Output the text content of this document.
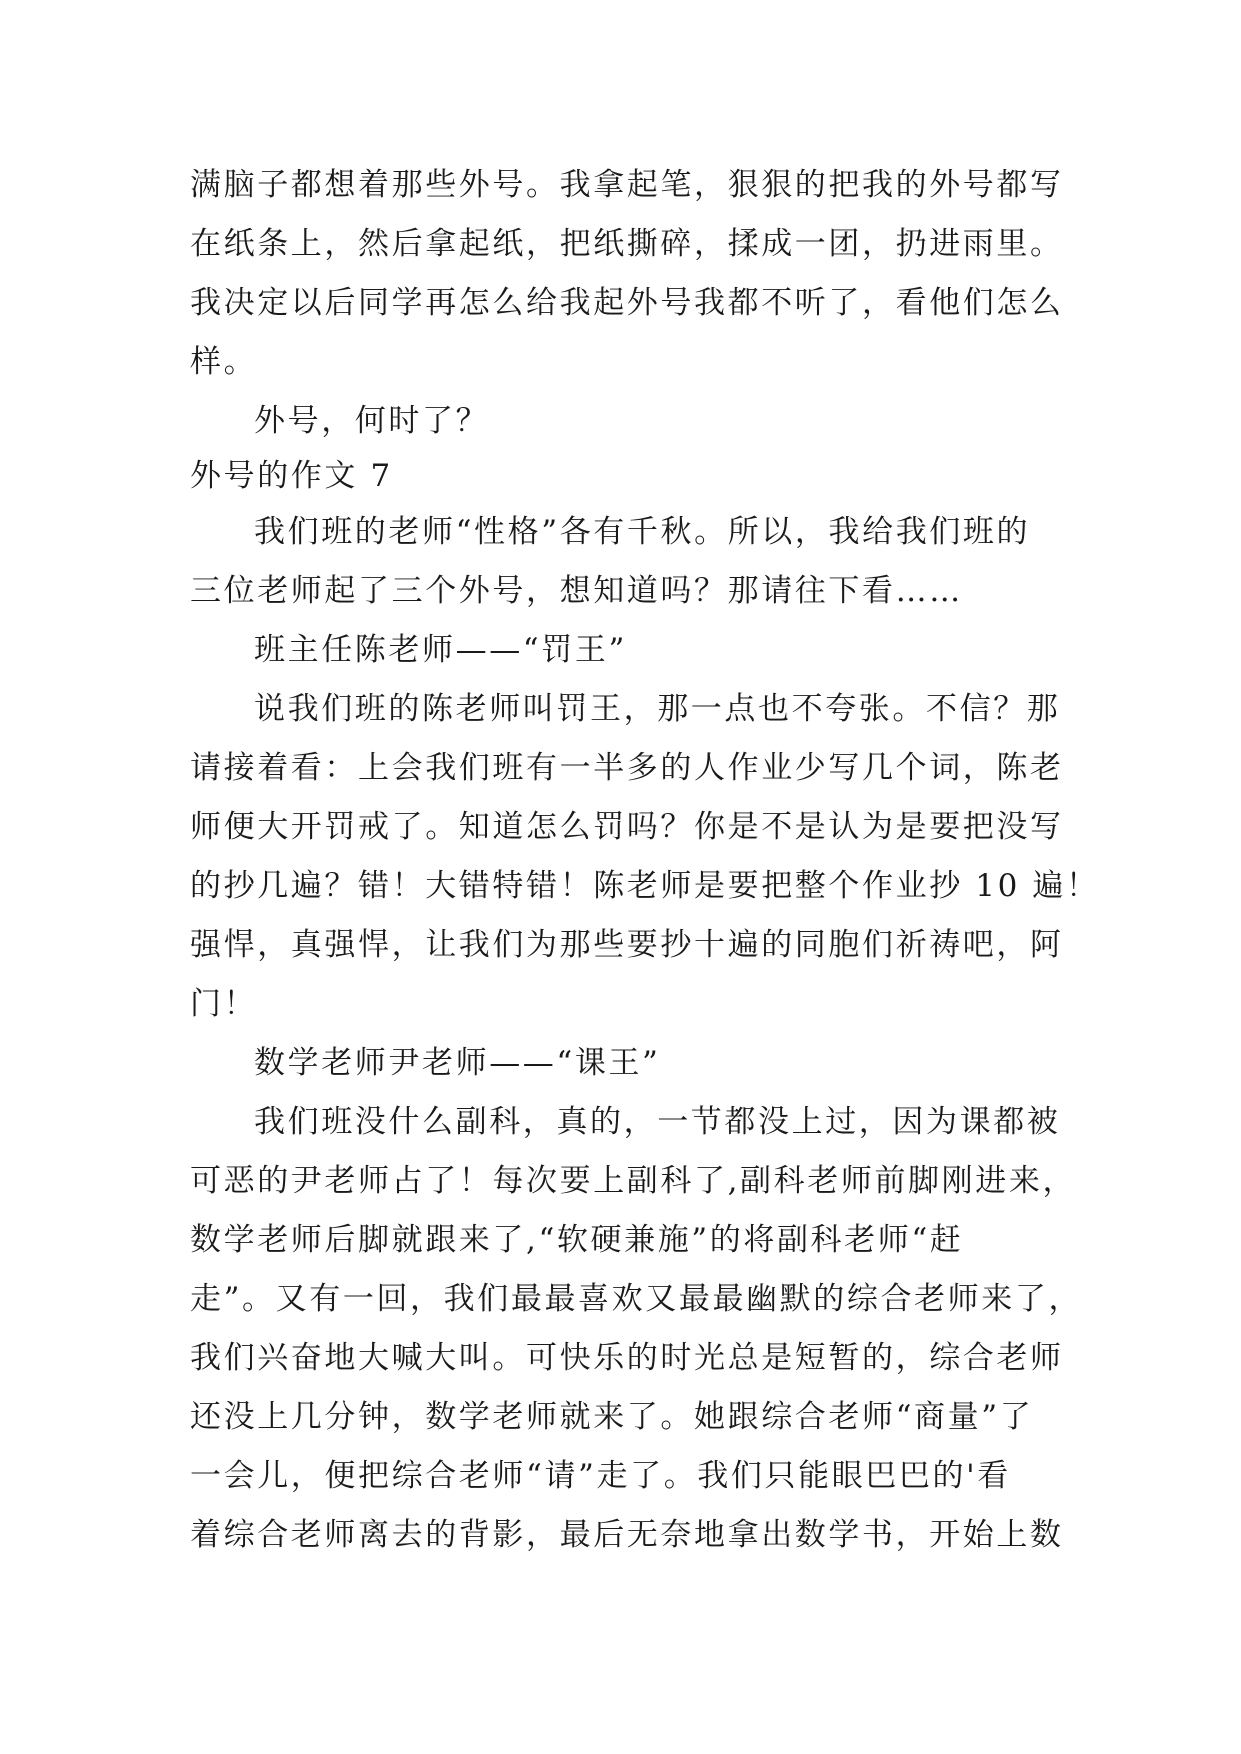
满脑子都想着那些外号。我拿起笔，狠狠的把我的外号都写
在纸条上，然后拿起纸，把纸撕碎，揉成一团，扔进雨里。
我决定以后同学再怎么给我起外号我都不听了，看他们怎么
样。
外号，何时了？
外号的作文 7
我们班的老师“性格”各有千秋。所以，我给我们班的
三位老师起了三个外号，想知道吗？那请往下看……
班主任陈老师——“罚王”
说我们班的陈老师叫罚王，那一点也不夸张。不信？那
请接着看：上会我们班有一半多的人作业少写几个词，陈老
师便大开罚戒了。知道怎么罚吗？你是不是认为是要把没写
的抄几遍？错！大错特错！陈老师是要把整个作业抄 10 遍！
强悍，真强悍，让我们为那些要抄十遍的同胞们祈祷吧，阿
门！
数学老师尹老师——“课王”
我们班没什么副科，真的，一节都没上过，因为课都被
可恶的尹老师占了！每次要上副科了,副科老师前脚刚进来，
数学老师后脚就跟来了,“软硬兼施”的将副科老师“赶
走”。又有一回，我们最最喜欢又最最幽默的综合老师来了，
我们兴奋地大喊大叫。可快乐的时光总是短暂的，综合老师
还没上几分钟，数学老师就来了。她跟综合老师“商量”了
一会儿，便把综合老师“请”走了。我们只能眼巴巴的'看
着综合老师离去的背影，最后无奈地拿出数学书，开始上数
